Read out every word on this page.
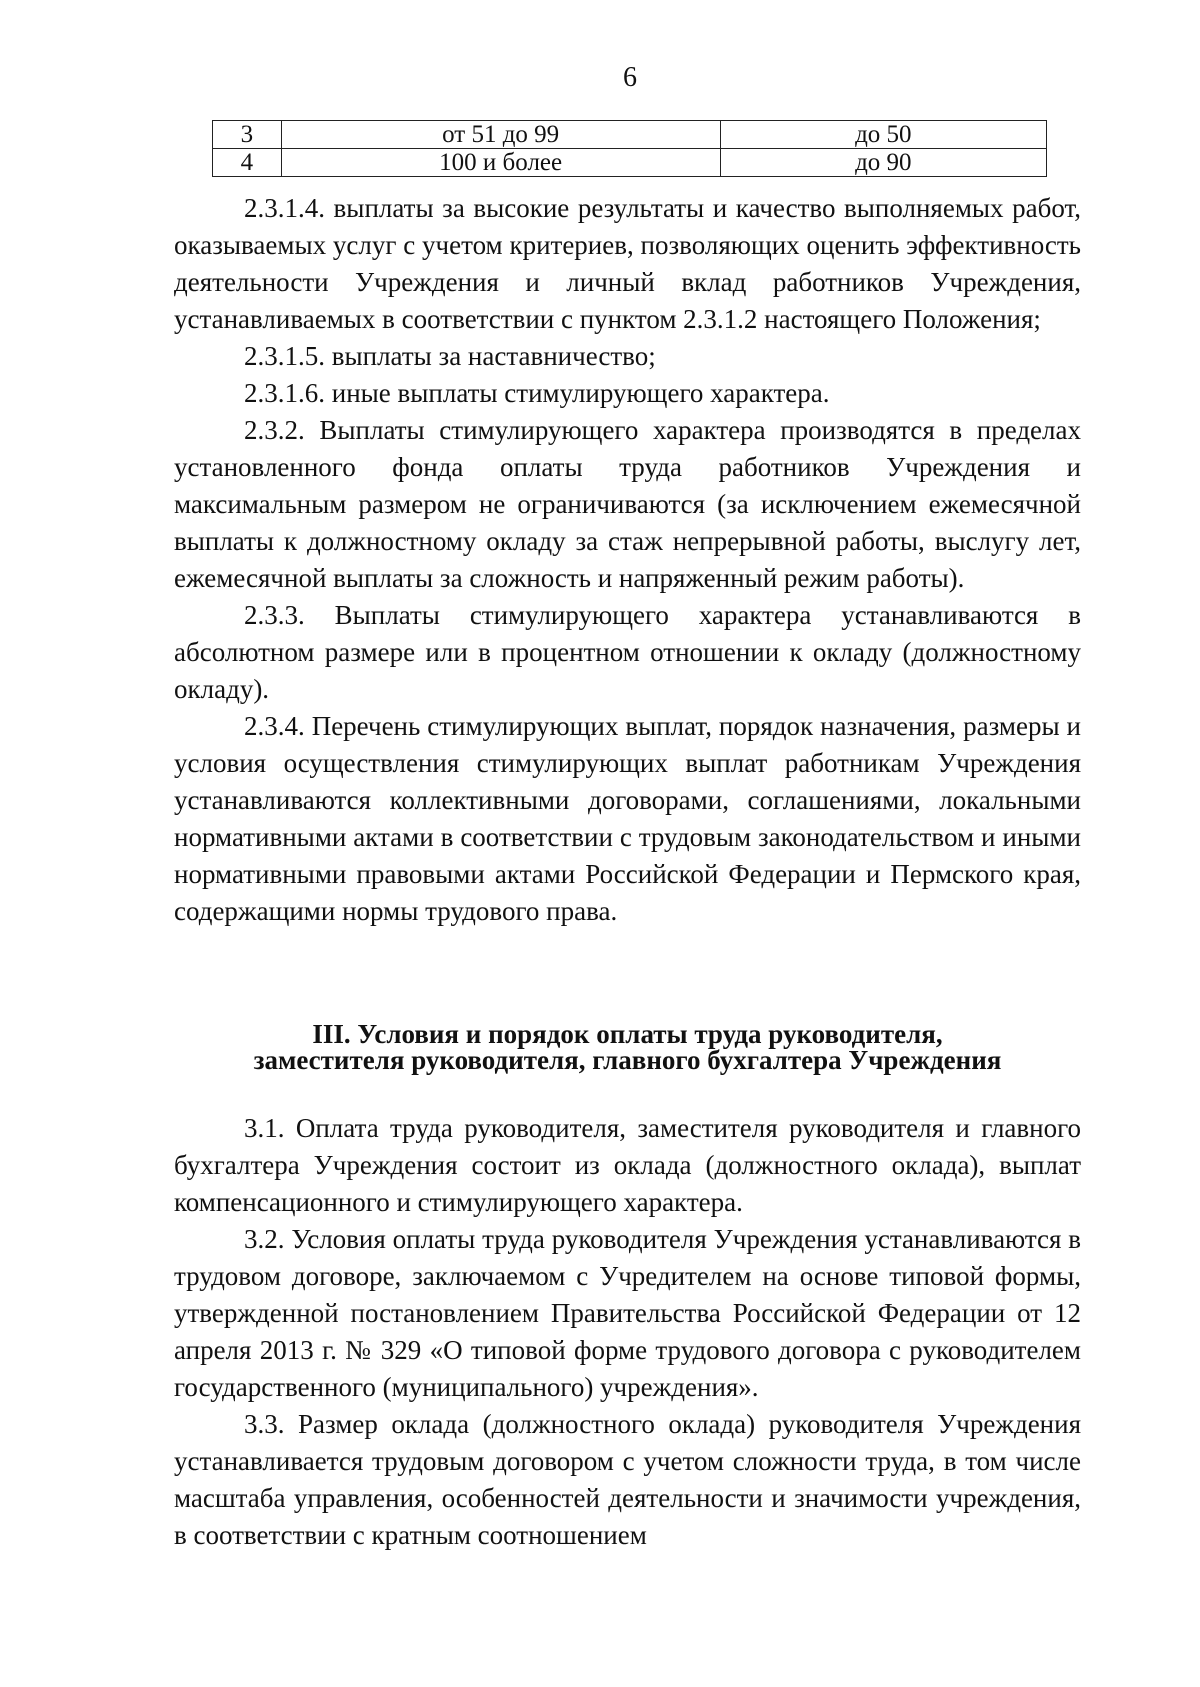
6
3	от 51 до 99	до 50
4	100 и более	до 90

2.3.1.4. выплаты за высокие результаты и качество выполняемых работ, оказываемых услуг с учетом критериев, позволяющих оценить эффективность деятельности Учреждения и личный вклад работников Учреждения, устанавливаемых в соответствии с пунктом 2.3.1.2 настоящего Положения;

2.3.1.5. выплаты за наставничество;

2.3.1.6. иные выплаты стимулирующего характера.

2.3.2. Выплаты стимулирующего характера производятся в пределах установленного фонда оплаты труда работников Учреждения и максимальным размером не ограничиваются (за исключением ежемесячной выплаты к должностному окладу за стаж непрерывной работы, выслугу лет, ежемесячной выплаты за сложность и напряженный режим работы).

2.3.3. Выплаты стимулирующего характера устанавливаются в абсолютном размере или в процентном отношении к окладу (должностному окладу).

2.3.4. Перечень стимулирующих выплат, порядок назначения, размеры и условия осуществления стимулирующих выплат работникам Учреждения устанавливаются коллективными договорами, соглашениями, локальными нормативными актами в соответствии с трудовым законодательством и иными нормативными правовыми актами Российской Федерации и Пермского края, содержащими нормы трудового права.

III. Условия и порядок оплаты труда руководителя,
заместителя руководителя, главного бухгалтера Учреждения

3.1. Оплата труда руководителя, заместителя руководителя и главного бухгалтера Учреждения состоит из оклада (должностного оклада), выплат компенсационного и стимулирующего характера.

3.2. Условия оплаты труда руководителя Учреждения устанавливаются в трудовом договоре, заключаемом с Учредителем на основе типовой формы, утвержденной постановлением Правительства Российской Федерации от 12 апреля 2013 г. № 329 «О типовой форме трудового договора с руководителем государственного (муниципального) учреждения».

3.3. Размер оклада (должностного оклада) руководителя Учреждения устанавливается трудовым договором с учетом сложности труда, в том числе масштаба управления, особенностей деятельности и значимости учреждения, в соответствии с кратным соотношением
